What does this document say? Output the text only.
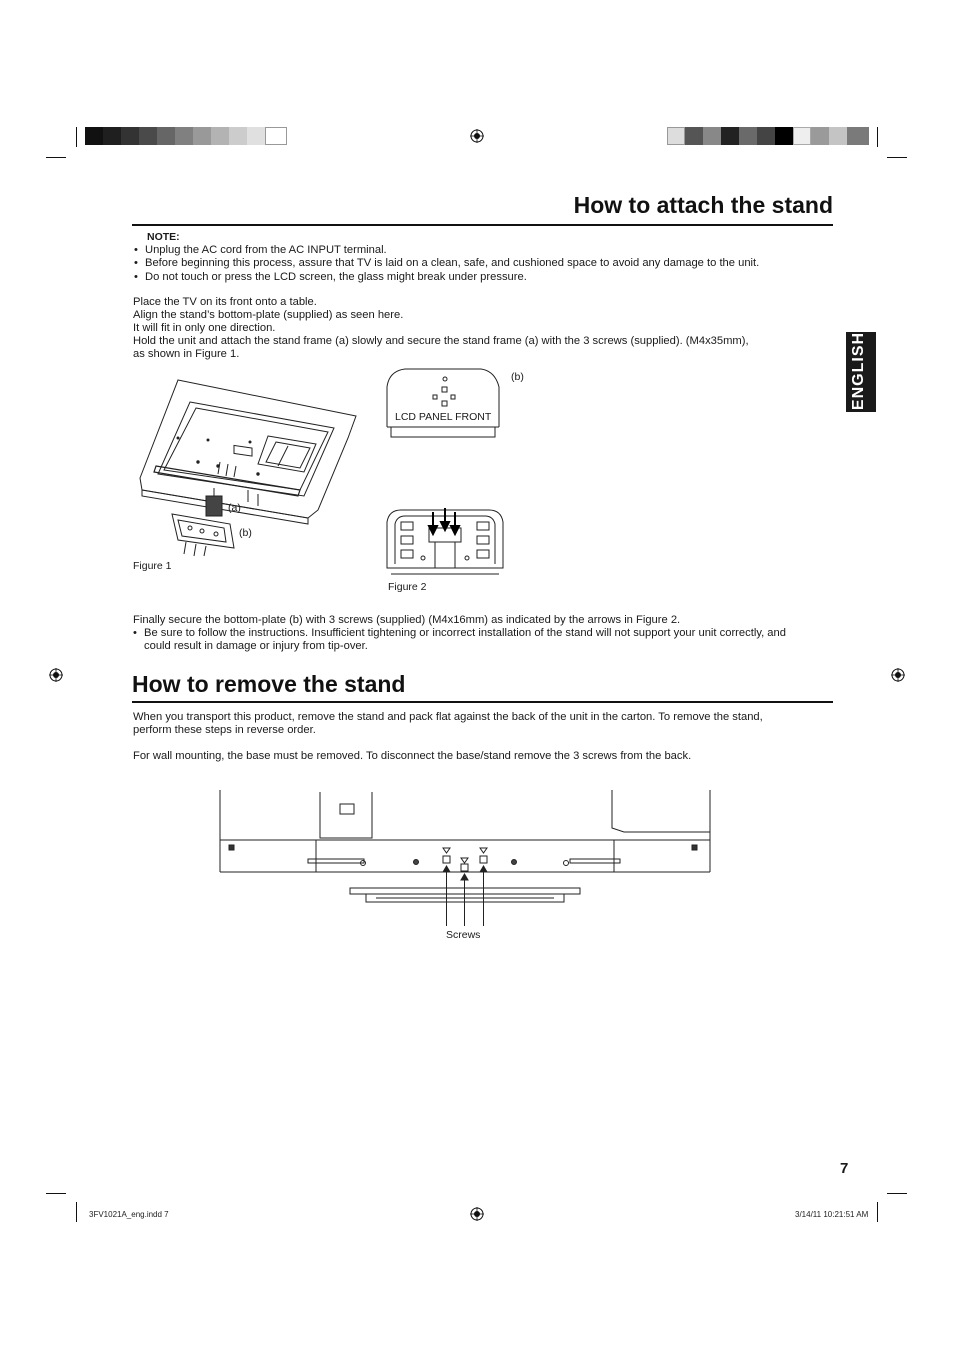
How to attach the stand
ENGLISH
NOTE:
• Unplug the AC cord from the AC INPUT terminal.
• Before beginning this process, assure that TV is laid on a clean, safe, and cushioned space to avoid any damage to the unit.
• Do not touch or press the LCD screen, the glass might break under pressure.
Place the TV on its front onto a table.
Align the stand’s bottom-plate (supplied) as seen here.
It will fit in only one direction.
Hold the unit and attach the stand frame (a) slowly and secure the stand frame (a) with the 3 screws (supplied). (M4x35mm),
as shown in Figure 1.
(a)
(b)
Figure 1
(b)
LCD PANEL FRONT
Figure 2
Finally secure the bottom-plate (b) with 3 screws (supplied) (M4x16mm) as indicated by the arrows in Figure 2.
• Be sure to follow the instructions. Insufficient tightening or incorrect installation of the stand will not support your unit correctly, and
could result in damage or injury from tip-over.
How to remove the stand
When you transport this product, remove the stand and pack flat against the back of the unit in the carton. To remove the stand,
perform these steps in reverse order.
For wall mounting, the base must be removed. To disconnect the base/stand remove the 3 screws from the back.
Screws
7
3FV1021A_eng.indd 7	3/14/11 10:21:51 AM
